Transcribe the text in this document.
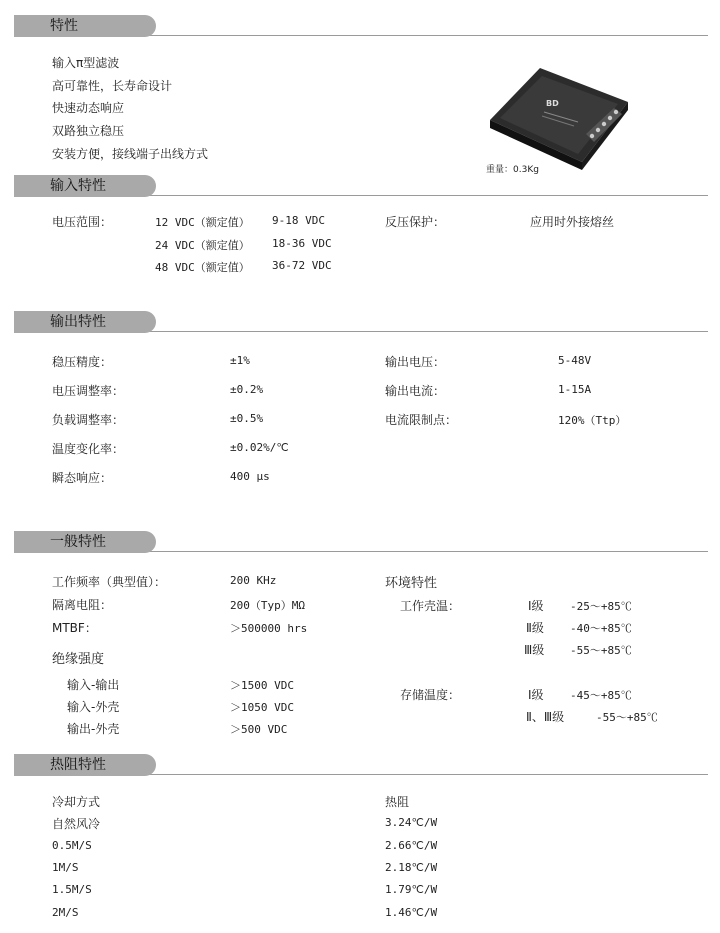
特性
输入π型滤波
高可靠性，长寿命设计
快速动态响应
双路独立稳压
安装方便，接线端子出线方式
BD
重量：0.3Kg
输入特性
电压范围：	12 VDC（额定值） 9-18 VDC
24 VDC（额定值） 18-36 VDC
48 VDC（额定值） 36-72 VDC
反压保护：	应用时外接熔丝
输出特性
稳压精度：	±1%
电压调整率：	±0.2%
负载调整率：	±0.5%
温度变化率：	±0.02%/℃
瞬态响应：	400 μs
输出电压：	5-48V
输出电流：	1-15A
电流限制点：	120%（Ttp）
一般特性
工作频率（典型值）：	200 KHz
隔离电阻：	200（Typ）MΩ
MTBF：	＞500000 hrs
绝缘强度
输入-输出	＞1500 VDC
输入-外壳	＞1050 VDC
输出-外壳	＞500 VDC
环境特性
工作壳温：	Ⅰ级 -25～+85℃
Ⅱ级 -40～+85℃
Ⅲ级 -55～+85℃
存储温度：	Ⅰ级 -45～+85℃
Ⅱ、Ⅲ级	-55～+85℃
热阻特性
冷却方式	热阻
自然风冷	3.24℃/W
0.5M/S	2.66℃/W
1M/S	2.18℃/W
1.5M/S	1.79℃/W
2M/S	1.46℃/W
